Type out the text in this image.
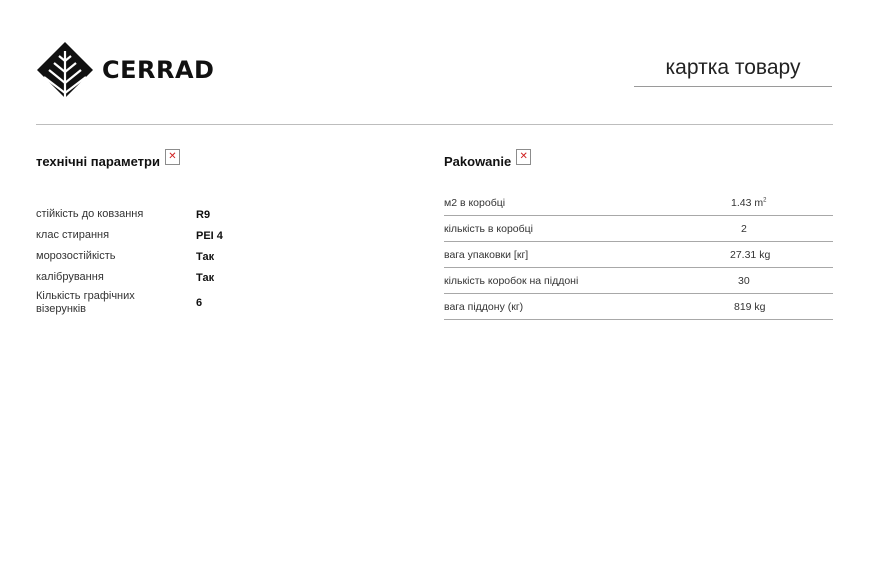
CERRAD	картка товару
технічні параметри ✕
стійкість до ковзання	R9
клас стирання	PEI 4
морозостійкість	Так
калібрування	Так
Кількість графічних візерунків	6
Pakowanie ✕
м2 в коробці	1.43 $m^2$
кількість в коробці	2
вага упаковки [кг]	27.31 kg
кількість коробок на піддоні	30
вага піддону (кг)	819 kg
